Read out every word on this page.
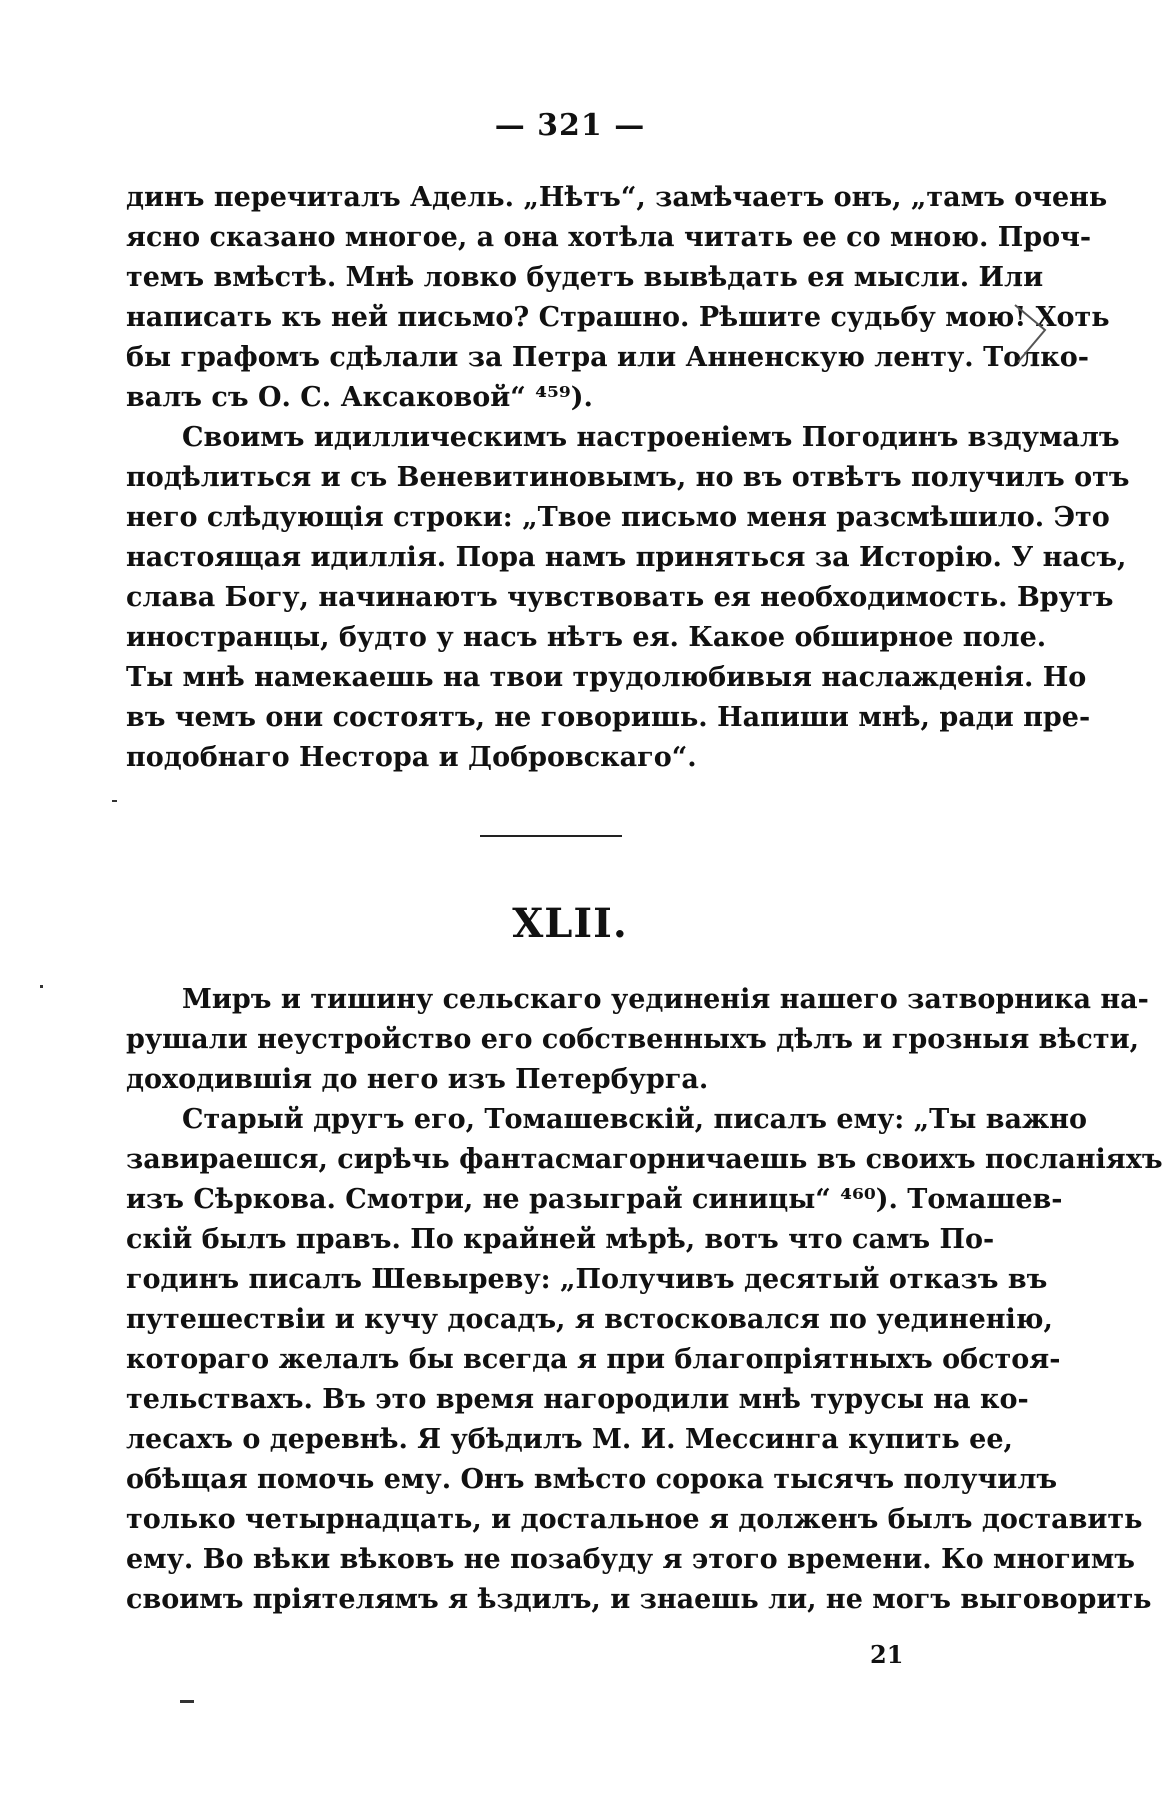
— 321 —
динъ перечиталъ Адель. „Нѣтъ“, замѣчаетъ онъ, „тамъ очень
ясно сказано многое, а она хотѣла читать ее со мною. Проч-
темъ вмѣстѣ. Мнѣ ловко будетъ вывѣдать ея мысли. Или
написать къ ней письмо? Страшно. Рѣшите судьбу мою! Хоть
бы графомъ сдѣлали за Петра или Анненскую ленту. Толко-
валъ съ О. С. Аксаковой“ ⁴⁵⁹).
Своимъ идиллическимъ настроеніемъ Погодинъ вздумалъ
подѣлиться и съ Веневитиновымъ, но въ отвѣтъ получилъ отъ
него слѣдующія строки: „Твое письмо меня разсмѣшило. Это
настоящая идиллія. Пора намъ приняться за Исторію. У насъ,
слава Богу, начинаютъ чувствовать ея необходимость. Врутъ
иностранцы, будто у насъ нѣтъ ея. Какое обширное поле.
Ты мнѣ намекаешь на твои трудолюбивыя наслажденія. Но
въ чемъ они состоятъ, не говоришь. Напиши мнѣ, ради пре-
подобнаго Нестора и Добровскаго“.
XLII.
Миръ и тишину сельскаго уединенія нашего затворника на-
рушали неустройство его собственныхъ дѣлъ и грозныя вѣсти,
доходившія до него изъ Петербурга.
Старый другъ его, Томашевскій, писалъ ему: „Ты важно
завираешся, сирѣчь фантасмагорничаешь въ своихъ посланіяхъ
изъ Сѣркова. Смотри, не разыграй синицы“ ⁴⁶⁰). Томашев-
скій былъ правъ. По крайней мѣрѣ, вотъ что самъ По-
годинъ писалъ Шевыреву: „Получивъ десятый отказъ въ
путешествіи и кучу досадъ, я встосковался по уединенію,
котораго желалъ бы всегда я при благопріятныхъ обстоя-
тельствахъ. Въ это время нагородили мнѣ турусы на ко-
лесахъ о деревнѣ. Я убѣдилъ М. И. Мессинга купить ее,
обѣщая помочь ему. Онъ вмѣсто сорока тысячъ получилъ
только четырнадцать, и достальное я долженъ былъ доставить
ему. Во вѣки вѣковъ не позабуду я этого времени. Ко многимъ
своимъ пріятелямъ я ѣздилъ, и знаешь ли, не могъ выговорить
21
